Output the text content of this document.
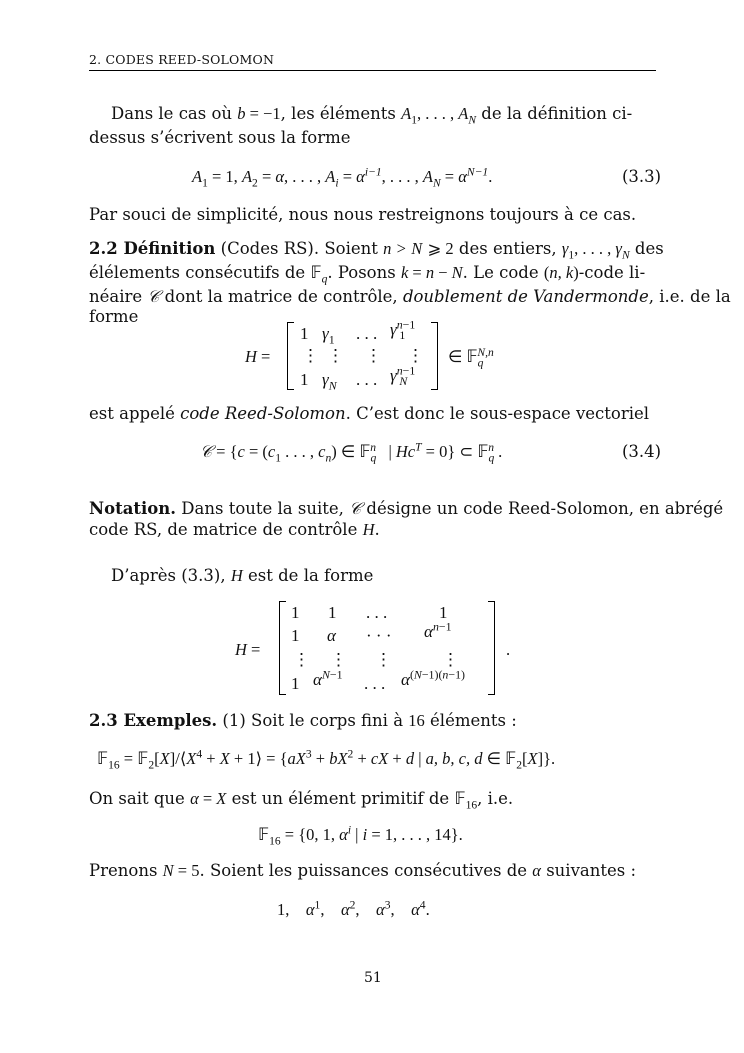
2. CODES REED-SOLOMON
Dans le cas où b = −1, les éléments $A_1$, . . . , $A_N$ de la définition ci-
dessus s’écrivent sous la forme
$A_1 = 1$, $A_2 = \alpha$, . . . , $A_i = \alpha^{i-1}$, . . . , $A_N = \alpha^{N-1}$.	(3.3)
Par souci de simplicité, nous nous restreignons toujours à ce cas.
2.2 Définition (Codes RS). Soient n > N ⩾ 2 des entiers, $\gamma_1$, . . . , $\gamma_N$ des
élélements consécutifs de 𝔽$_q$. Posons k = n − N. Le code (n, k)-code li-
néaire 𝒞 dont la matrice de contrôle, doublement de Vandermonde, i.e. de la
forme
H =
1 $\gamma_1$ . . . $\gamma^{n-1}_1$
⋮ ⋮ ⋮ ⋮
1 $\gamma_N$ . . . $\gamma^{n-1}_N$
∈ 𝔽$_q^{N,n}$
est appelé code Reed-Solomon. C’est donc le sous-espace vectoriel
𝒞 = {$c = (c_1$ . . . , $c_n$) ∈ 𝔽$_q^n$   | $Hc^T = 0$} ⊂ 𝔽$_q^n$ .	(3.4)
Notation. Dans toute la suite, 𝒞 désigne un code Reed-Solomon, en abrégé
code RS, de matrice de contrôle H.
D’après (3.3), H est de la forme
H =
1 1 . . .	1
1 α · · · $\alpha^{n-1}$
⋮ ⋮ ⋮	⋮
1 $\alpha^{N-1}$ . . . $\alpha^{(N-1)(n-1)}$
.
2.3 Exemples. (1) Soit le corps fini à 16 éléments :
𝔽$_{16}$ = $𝔽_2[X]/⟨X^4 + X$ + 1⟩ = {$aX^3 + bX^2$ + cX + d | a, b, c, d ∈ 𝔽$_2$[X]}.
On sait que α = X est un élément primitif de 𝔽$_{16}$, i.e.
𝔽$_{16}$ = {0, 1, $\alpha^i$ | i = 1, . . . , 14}.
Prenons N = 5. Soient les puissances consécutives de α suivantes :
1,    $\alpha^1$,    $\alpha^2$,    $\alpha^3$,    $\alpha^4$.
51
